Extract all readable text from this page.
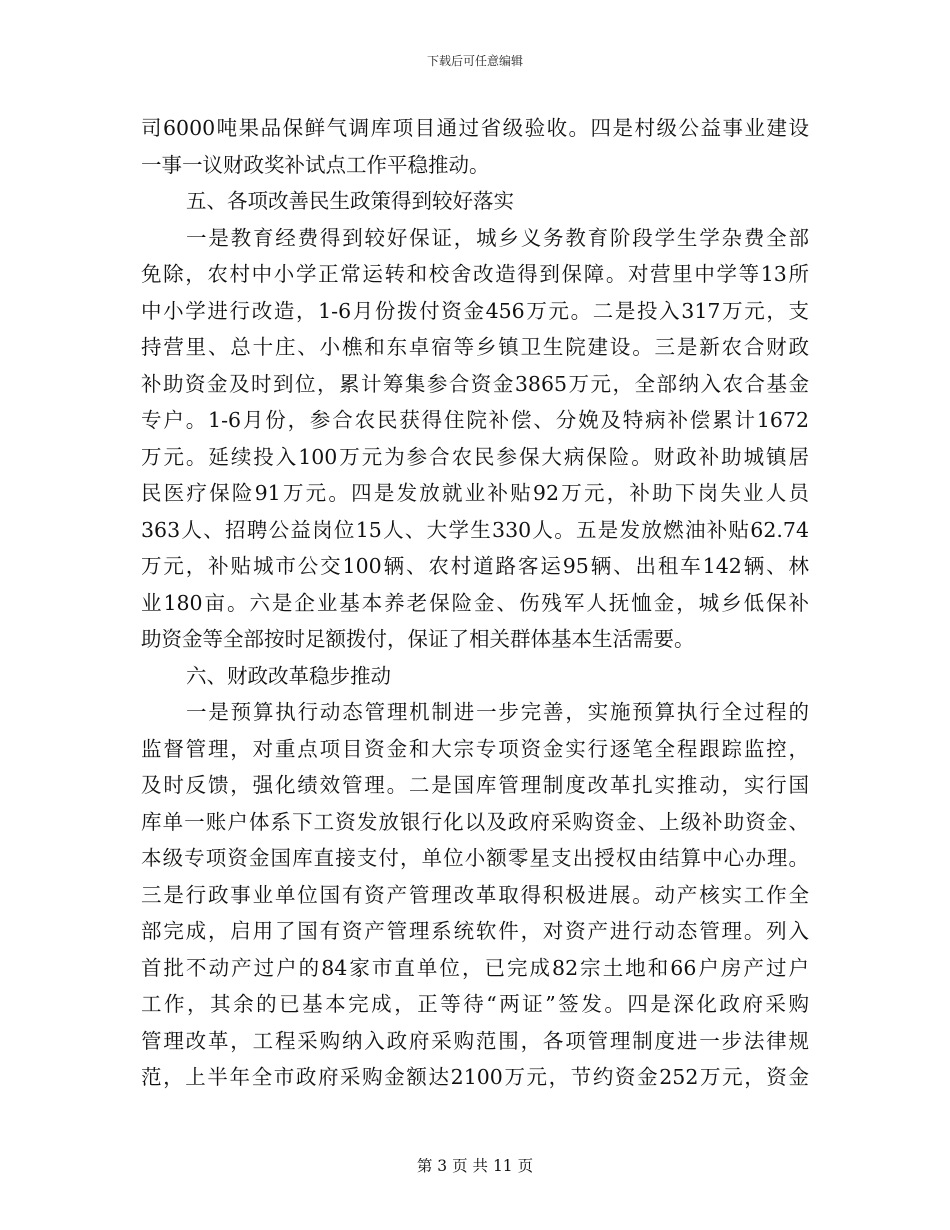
下载后可任意编辑
司6000吨果品保鲜气调库项目通过省级验收。四是村级公益事业建设
一事一议财政奖补试点工作平稳推动。
五、各项改善民生政策得到较好落实
一是教育经费得到较好保证，城乡义务教育阶段学生学杂费全部
免除，农村中小学正常运转和校舍改造得到保障。对营里中学等13所
中小学进行改造，1-6月份拨付资金456万元。二是投入317万元，支
持营里、总十庄、小樵和东卓宿等乡镇卫生院建设。三是新农合财政
补助资金及时到位，累计筹集参合资金3865万元，全部纳入农合基金
专户。1-6月份，参合农民获得住院补偿、分娩及特病补偿累计1672
万元。延续投入100万元为参合农民参保大病保险。财政补助城镇居
民医疗保险91万元。四是发放就业补贴92万元，补助下岗失业人员
363人、招聘公益岗位15人、大学生330人。五是发放燃油补贴62.74
万元，补贴城市公交100辆、农村道路客运95辆、出租车142辆、林
业180亩。六是企业基本养老保险金、伤残军人抚恤金，城乡低保补
助资金等全部按时足额拨付，保证了相关群体基本生活需要。
六、财政改革稳步推动
一是预算执行动态管理机制进一步完善，实施预算执行全过程的
监督管理，对重点项目资金和大宗专项资金实行逐笔全程跟踪监控，
及时反馈，强化绩效管理。二是国库管理制度改革扎实推动，实行国
库单一账户体系下工资发放银行化以及政府采购资金、上级补助资金、
本级专项资金国库直接支付，单位小额零星支出授权由结算中心办理。
三是行政事业单位国有资产管理改革取得积极进展。动产核实工作全
部完成，启用了国有资产管理系统软件，对资产进行动态管理。列入
首批不动产过户的84家市直单位，已完成82宗土地和66户房产过户
工作，其余的已基本完成，正等待“两证”签发。四是深化政府采购
管理改革，工程采购纳入政府采购范围，各项管理制度进一步法律规
范，上半年全市政府采购金额达2100万元，节约资金252万元，资金
第 3 页 共 11 页
